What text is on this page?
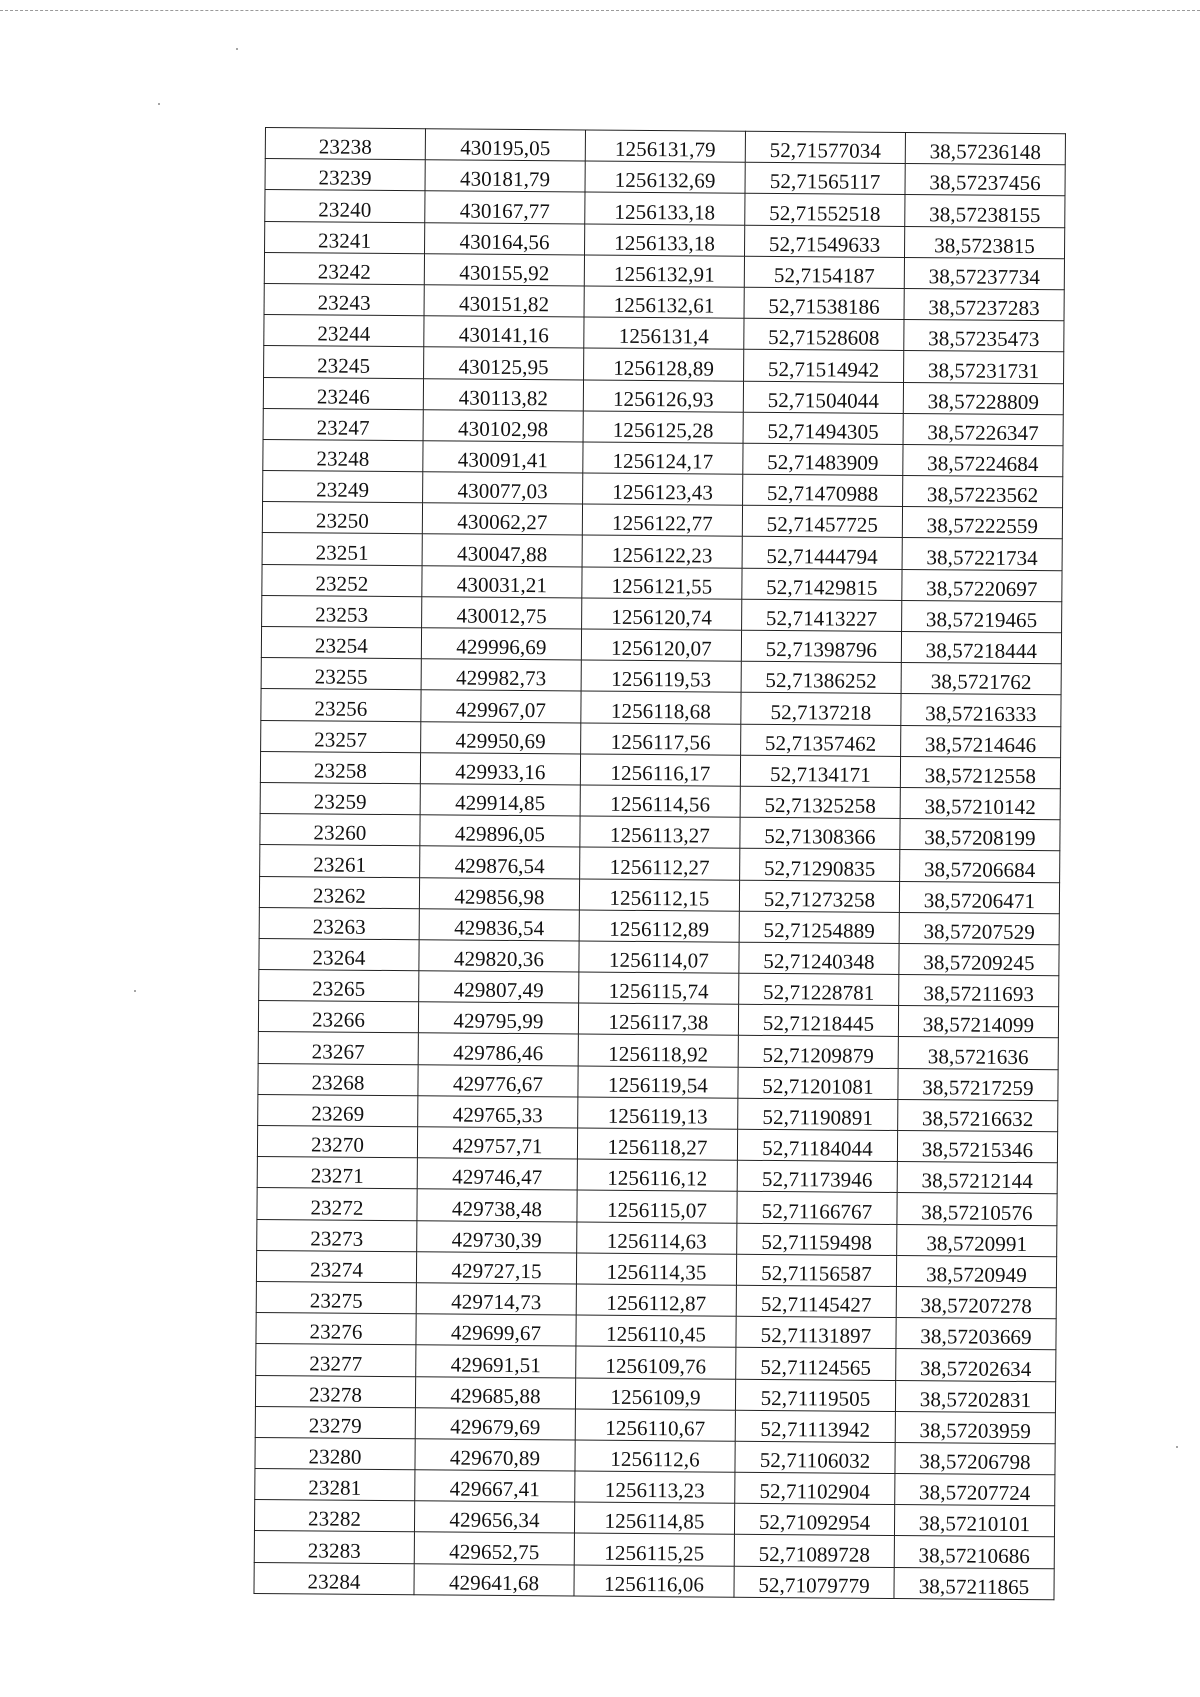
23238	430195,05	1256131,79	52,71577034	38,57236148
23239	430181,79	1256132,69	52,71565117	38,57237456
23240	430167,77	1256133,18	52,71552518	38,57238155
23241	430164,56	1256133,18	52,71549633	38,5723815
23242	430155,92	1256132,91	52,7154187	38,57237734
23243	430151,82	1256132,61	52,71538186	38,57237283
23244	430141,16	1256131,4	52,71528608	38,57235473
23245	430125,95	1256128,89	52,71514942	38,57231731
23246	430113,82	1256126,93	52,71504044	38,57228809
23247	430102,98	1256125,28	52,71494305	38,57226347
23248	430091,41	1256124,17	52,71483909	38,57224684
23249	430077,03	1256123,43	52,71470988	38,57223562
23250	430062,27	1256122,77	52,71457725	38,57222559
23251	430047,88	1256122,23	52,71444794	38,57221734
23252	430031,21	1256121,55	52,71429815	38,57220697
23253	430012,75	1256120,74	52,71413227	38,57219465
23254	429996,69	1256120,07	52,71398796	38,57218444
23255	429982,73	1256119,53	52,71386252	38,5721762
23256	429967,07	1256118,68	52,7137218	38,57216333
23257	429950,69	1256117,56	52,71357462	38,57214646
23258	429933,16	1256116,17	52,7134171	38,57212558
23259	429914,85	1256114,56	52,71325258	38,57210142
23260	429896,05	1256113,27	52,71308366	38,57208199
23261	429876,54	1256112,27	52,71290835	38,57206684
23262	429856,98	1256112,15	52,71273258	38,57206471
23263	429836,54	1256112,89	52,71254889	38,57207529
23264	429820,36	1256114,07	52,71240348	38,57209245
23265	429807,49	1256115,74	52,71228781	38,57211693
23266	429795,99	1256117,38	52,71218445	38,57214099
23267	429786,46	1256118,92	52,71209879	38,5721636
23268	429776,67	1256119,54	52,71201081	38,57217259
23269	429765,33	1256119,13	52,71190891	38,57216632
23270	429757,71	1256118,27	52,71184044	38,57215346
23271	429746,47	1256116,12	52,71173946	38,57212144
23272	429738,48	1256115,07	52,71166767	38,57210576
23273	429730,39	1256114,63	52,71159498	38,5720991
23274	429727,15	1256114,35	52,71156587	38,5720949
23275	429714,73	1256112,87	52,71145427	38,57207278
23276	429699,67	1256110,45	52,71131897	38,57203669
23277	429691,51	1256109,76	52,71124565	38,57202634
23278	429685,88	1256109,9	52,71119505	38,57202831
23279	429679,69	1256110,67	52,71113942	38,57203959
23280	429670,89	1256112,6	52,71106032	38,57206798
23281	429667,41	1256113,23	52,71102904	38,57207724
23282	429656,34	1256114,85	52,71092954	38,57210101
23283	429652,75	1256115,25	52,71089728	38,57210686
23284	429641,68	1256116,06	52,71079779	38,57211865
